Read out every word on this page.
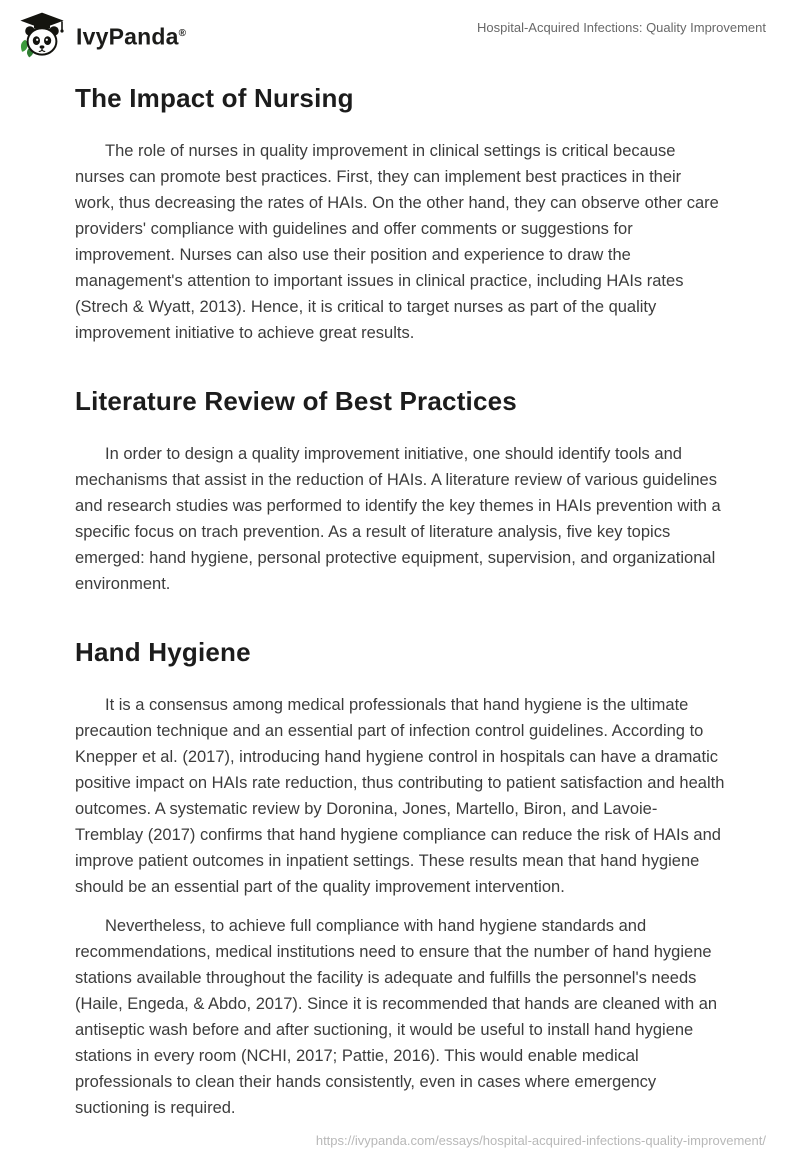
IvyPanda®	Hospital-Acquired Infections: Quality Improvement
The Impact of Nursing

The role of nurses in quality improvement in clinical settings is critical because nurses can promote best practices. First, they can implement best practices in their work, thus decreasing the rates of HAIs. On the other hand, they can observe other care providers' compliance with guidelines and offer comments or suggestions for improvement. Nurses can also use their position and experience to draw the management's attention to important issues in clinical practice, including HAIs rates (Strech & Wyatt, 2013). Hence, it is critical to target nurses as part of the quality improvement initiative to achieve great results.

Literature Review of Best Practices

In order to design a quality improvement initiative, one should identify tools and mechanisms that assist in the reduction of HAIs. A literature review of various guidelines and research studies was performed to identify the key themes in HAIs prevention with a specific focus on trach prevention. As a result of literature analysis, five key topics emerged: hand hygiene, personal protective equipment, supervision, and organizational environment.

Hand Hygiene

It is a consensus among medical professionals that hand hygiene is the ultimate precaution technique and an essential part of infection control guidelines. According to Knepper et al. (2017), introducing hand hygiene control in hospitals can have a dramatic positive impact on HAIs rate reduction, thus contributing to patient satisfaction and health outcomes. A systematic review by Doronina, Jones, Martello, Biron, and Lavoie-Tremblay (2017) confirms that hand hygiene compliance can reduce the risk of HAIs and improve patient outcomes in inpatient settings. These results mean that hand hygiene should be an essential part of the quality improvement intervention.

Nevertheless, to achieve full compliance with hand hygiene standards and recommendations, medical institutions need to ensure that the number of hand hygiene stations available throughout the facility is adequate and fulfills the personnel's needs (Haile, Engeda, & Abdo, 2017). Since it is recommended that hands are cleaned with an antiseptic wash before and after suctioning, it would be useful to install hand hygiene stations in every room (NCHI, 2017; Pattie, 2016). This would enable medical professionals to clean their hands consistently, even in cases where emergency suctioning is required.

https://ivypanda.com/essays/hospital-acquired-infections-quality-improvement/
